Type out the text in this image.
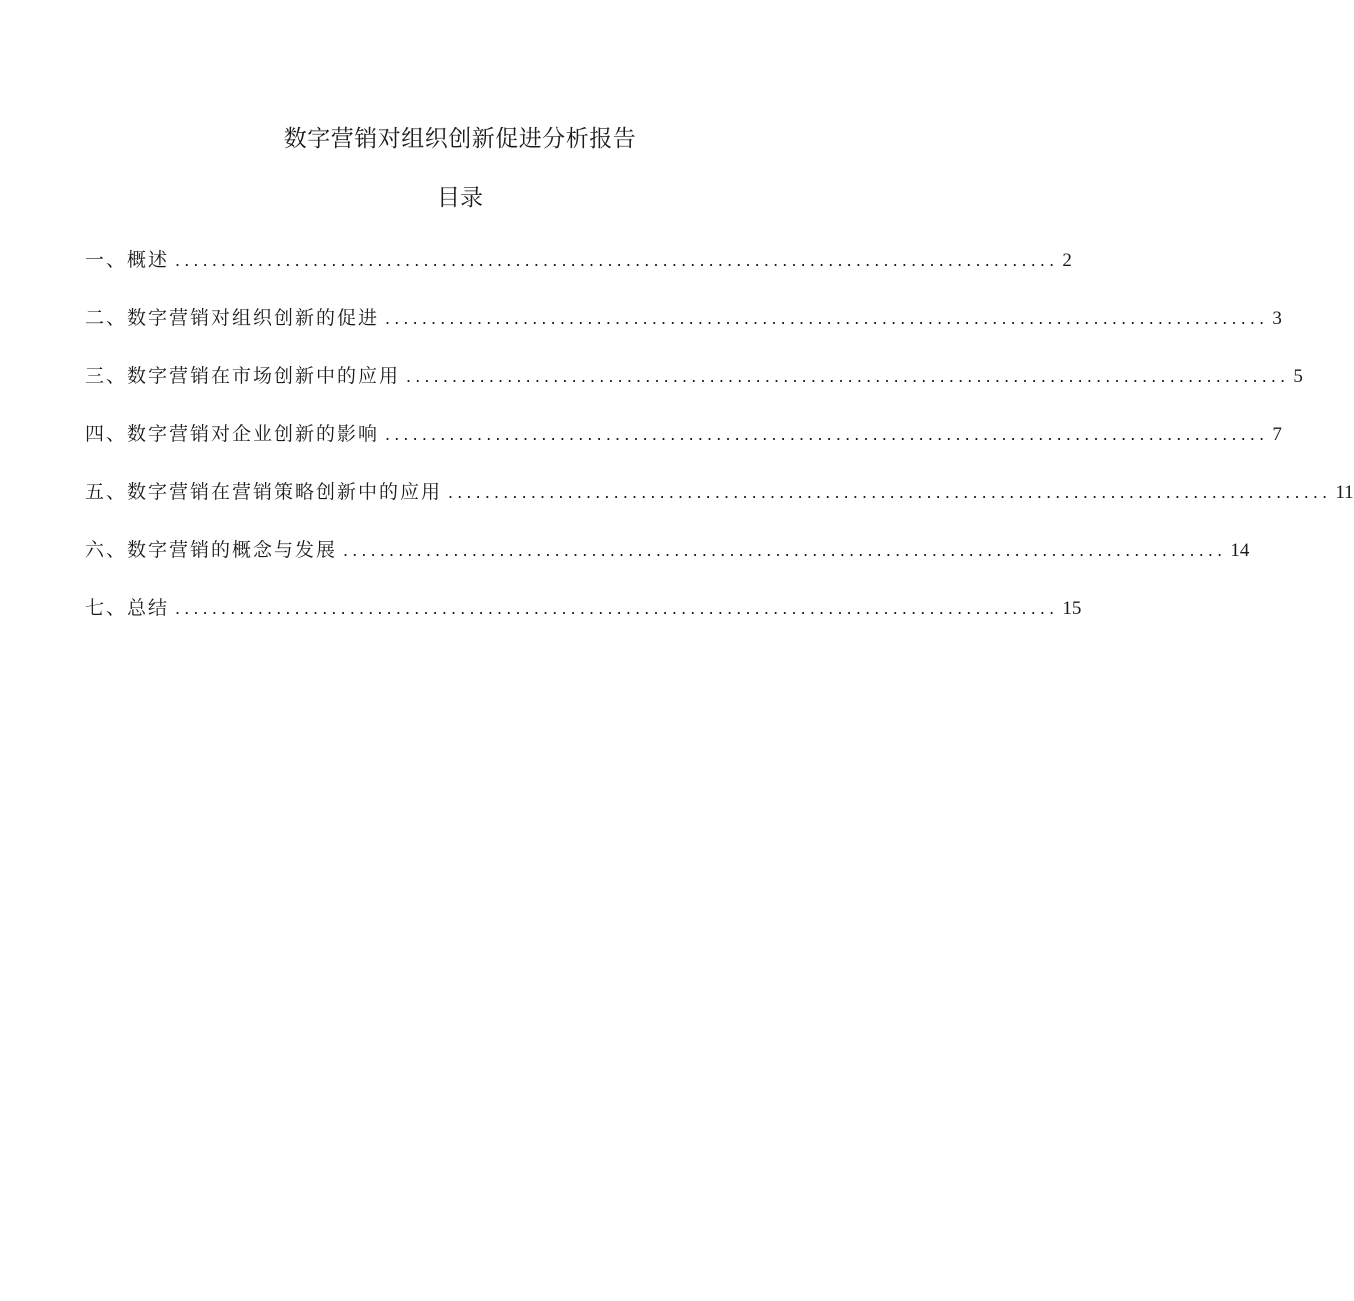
数字营销对组织创新促进分析报告
目录
一、概述 ................................................................................................ 2
二、数字营销对组织创新的促进 ................................................................................................ 3
三、数字营销在市场创新中的应用 ................................................................................................ 5
四、数字营销对企业创新的影响 ................................................................................................ 7
五、数字营销在营销策略创新中的应用 ................................................................................................ 11
六、数字营销的概念与发展 ................................................................................................ 14
七、总结 ................................................................................................ 15
